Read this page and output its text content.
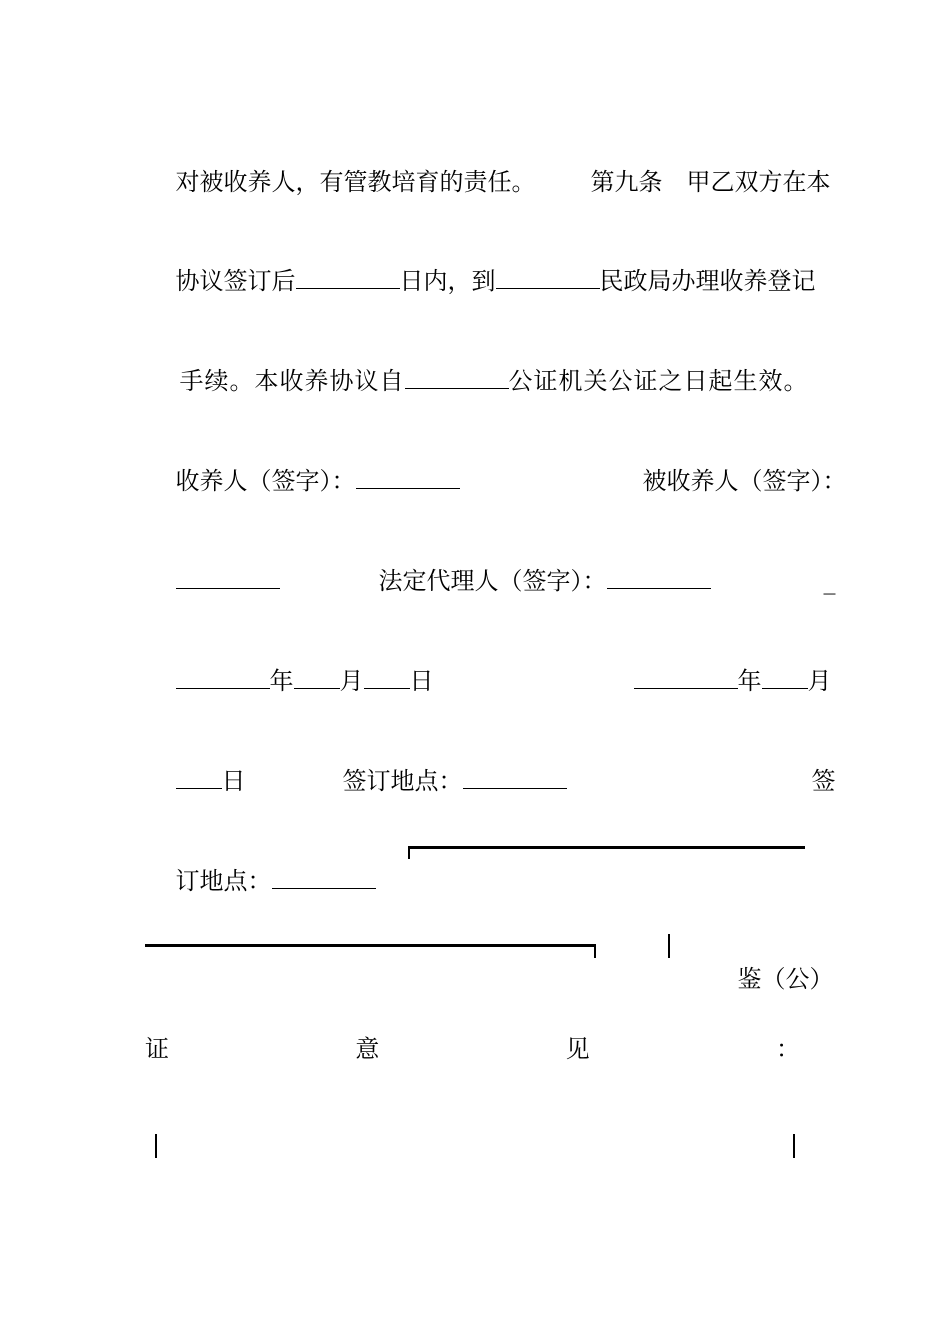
对被收养人，有管教培育的责任。
	第九条 甲乙双方在本

协议签订后	日内，到	民政局办理收养登记

手续。本收养协议自	公证机关公证之日起生效。

收养人（签字）：
	被收养人（签字）：

法定代理人（签字）：
	_

年 月 日
	年 月

日
	签订地点：
	签

订地点：

鉴（公）

证	意	见	：
